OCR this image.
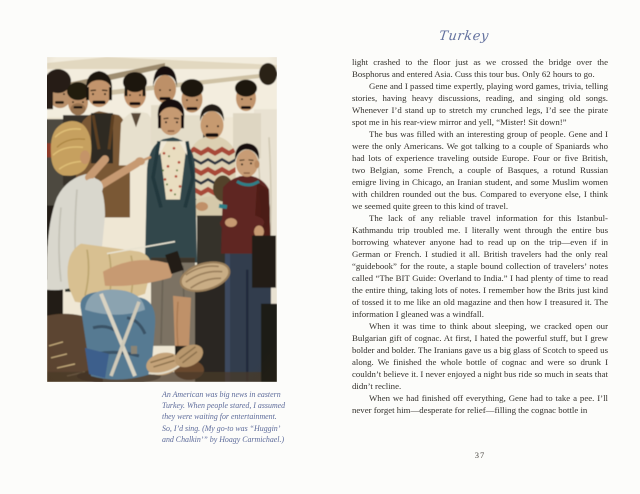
An American was big news in eastern
Turkey. When people stared, I assumed
they were waiting for entertainment.
So, I’d sing. (My go-to was “Huggin’
and Chalkin’” by Hoagy Carmichael.)
Turkey

light crashed to the floor just as we crossed the bridge over the Bosphorus and entered Asia. Cuss this tour bus. Only 62 hours to go.

Gene and I passed time expertly, playing word games, trivia, telling stories, having heavy discussions, reading, and singing old songs. Whenever I’d stand up to stretch my crunched legs, I’d see the pirate spot me in his rear-view mirror and yell, “Mister! Sit down!”

The bus was filled with an interesting group of people. Gene and I were the only Americans. We got talking to a couple of Spaniards who had lots of experience traveling outside Europe. Four or five British, two Belgian, some French, a couple of Basques, a rotund Russian emigre living in Chicago, an Iranian student, and some Muslim women with children rounded out the bus. Compared to everyone else, I think we seemed quite green to this kind of travel.

The lack of any reliable travel information for this Istanbul-Kathmandu trip troubled me. I literally went through the entire bus borrowing whatever anyone had to read up on the trip—even if in German or French. I studied it all. British travelers had the only real “guidebook” for the route, a staple bound collection of travelers’ notes called “The BIT Guide: Overland to India.” I had plenty of time to read the entire thing, taking lots of notes. I remember how the Brits just kind of tossed it to me like an old magazine and then how I treasured it. The information I gleaned was a windfall.

When it was time to think about sleeping, we cracked open our Bulgarian gift of cognac. At first, I hated the powerful stuff, but I grew bolder and bolder. The Iranians gave us a big glass of Scotch to speed us along. We finished the whole bottle of cognac and were so drunk I couldn’t believe it. I never enjoyed a night bus ride so much in seats that didn’t recline.

When we had finished off everything, Gene had to take a pee. I’ll never forget him—desperate for relief—filling the cognac bottle in

37
